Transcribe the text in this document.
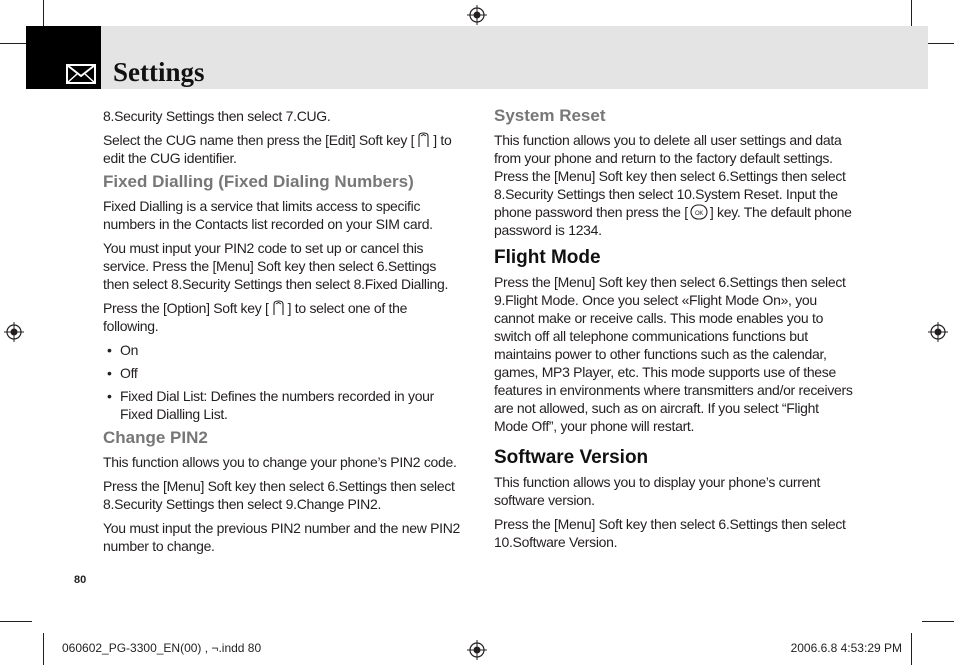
Settings

8.Security Settings then select 7.CUG.

Select the CUG name then press the [Edit] Soft key [ ] to edit the CUG identifier.

Fixed Dialling (Fixed Dialing Numbers)

Fixed Dialling is a service that limits access to specific numbers in the Contacts list recorded on your SIM card.

You must input your PIN2 code to set up or cancel this service. Press the [Menu] Soft key then select 6.Settings then select 8.Security Settings then select 8.Fixed Dialling.

Press the [Option] Soft key [ ] to select one of the following.

• On
• Off
• Fixed Dial List: Defines the numbers recorded in your Fixed Dialling List.
Change PIN2

This function allows you to change your phone’s PIN2 code.

Press the [Menu] Soft key then select 6.Settings then select 8.Security Settings then select 9.Change PIN2.

You must input the previous PIN2 number and the new PIN2 number to change.

System Reset

This function allows you to delete all user settings and data from your phone and return to the factory default settings. Press the [Menu] Soft key then select 6.Settings then select 8.Security Settings then select 10.System Reset. Input the phone password then press the [ OK ] key. The default phone password is 1234.

Flight Mode

Press the [Menu] Soft key then select 6.Settings then select 9.Flight Mode. Once you select «Flight Mode On», you cannot make or receive calls. This mode enables you to switch off all telephone communications functions but maintains power to other functions such as the calendar, games, MP3 Player, etc. This mode supports use of these features in environments where transmitters and/or receivers are not allowed, such as on aircraft. If you select “Flight Mode Off”, your phone will restart.

Software Version

This function allows you to display your phone’s current software version.

Press the [Menu] Soft key then select 6.Settings then select 10.Software Version.

80
060602_PG-3300_EN(00) , ¬.indd 80	2006.6.8 4:53:29 PM
